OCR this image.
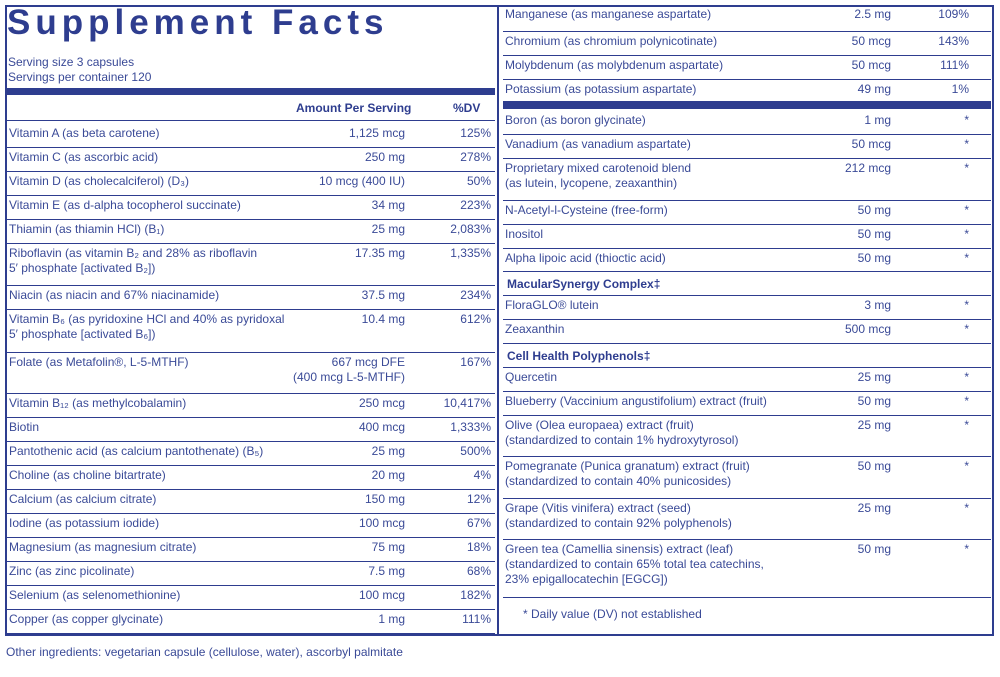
Supplement Facts
Serving size 3 capsules
Servings per container 120
Amount Per Serving	%DV
Vitamin A (as beta carotene)	1,125 mcg	125%
Vitamin C (as ascorbic acid)	250 mg	278%
Vitamin D (as cholecalciferol) (D₃)	10 mcg (400 IU)	50%
Vitamin E (as d-alpha tocopherol succinate)	34 mg	223%
Thiamin (as thiamin HCl) (B₁)	25 mg	2,083%
Riboflavin (as vitamin B₂ and 28% as riboflavin
5′ phosphate [activated B₂])
17.35 mg	1,335%
Niacin (as niacin and 67% niacinamide)	37.5 mg	234%
Vitamin B₆ (as pyridoxine HCl and 40% as pyridoxal
5′ phosphate [activated B₆])
10.4 mg	612%
Folate (as Metafolin®, L-5-MTHF)	667 mcg DFE
(400 mcg L-5-MTHF)
167%
Vitamin B₁₂ (as methylcobalamin)	250 mcg	10,417%
Biotin	400 mcg	1,333%
Pantothenic acid (as calcium pantothenate) (B₅)	25 mg	500%
Choline (as choline bitartrate)	20 mg	4%
Calcium (as calcium citrate)	150 mg	12%
Iodine (as potassium iodide)	100 mcg	67%
Magnesium (as magnesium citrate)	75 mg	18%
Zinc (as zinc picolinate)	7.5 mg	68%
Selenium (as selenomethionine)	100 mcg	182%
Copper (as copper glycinate)	1 mg	111%
Manganese (as manganese aspartate)	2.5 mg	109%
Chromium (as chromium polynicotinate)	50 mcg	143%
Molybdenum (as molybdenum aspartate)	50 mcg	111%
Potassium (as potassium aspartate)	49 mg	1%
Boron (as boron glycinate)	1 mg	*
Vanadium (as vanadium aspartate)	50 mcg	*
Proprietary mixed carotenoid blend
(as lutein, lycopene, zeaxanthin)
212 mcg	*
N-Acetyl-l-Cysteine (free-form)	50 mg	*
Inositol	50 mg	*
Alpha lipoic acid (thioctic acid)	50 mg	*
MacularSynergy Complex‡
FloraGLO® lutein	3 mg	*
Zeaxanthin	500 mcg	*
Cell Health Polyphenols‡
Quercetin	25 mg	*
Blueberry (Vaccinium angustifolium) extract (fruit)	50 mg	*
Olive (Olea europaea) extract (fruit)
(standardized to contain 1% hydroxytyrosol)
25 mg	*
Pomegranate (Punica granatum) extract (fruit)
(standardized to contain 40% punicosides)
50 mg	*
Grape (Vitis vinifera) extract (seed)
(standardized to contain 92% polyphenols)
25 mg	*
Green tea (Camellia sinensis) extract (leaf)
(standardized to contain 65% total tea catechins,
23% epigallocatechin [EGCG])
50 mg	*
* Daily value (DV) not established
Other ingredients: vegetarian capsule (cellulose, water), ascorbyl palmitate
